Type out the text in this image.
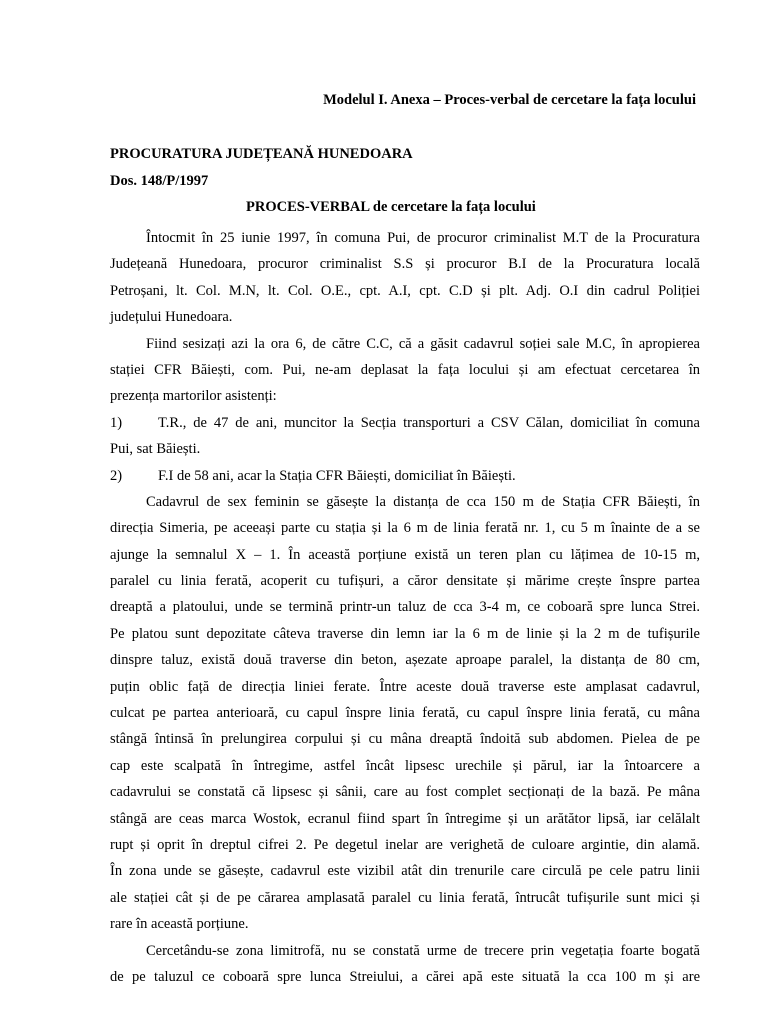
Modelul I. Anexa – Proces-verbal de cercetare la fața locului
PROCURATURA JUDEȚEANĂ HUNEDOARA
Dos. 148/P/1997
PROCES-VERBAL de cercetare la fața locului
Întocmit în 25 iunie 1997, în comuna Pui, de procuror criminalist M.T de la Procuratura
Județeană Hunedoara, procuror criminalist S.S și procuror B.I de la Procuratura locală
Petroșani, lt. Col. M.N, lt. Col. O.E., cpt. A.I, cpt. C.D și plt. Adj. O.I din cadrul Poliției
județului Hunedoara.
Fiind sesizați azi la ora 6, de către C.C, că a găsit cadavrul soției sale M.C, în apropierea
stației CFR Băiești, com. Pui, ne-am deplasat la fața locului și am efectuat cercetarea în
prezența martorilor asistenți:
1)	T.R., de 47 de ani, muncitor la Secția transporturi a CSV Călan, domiciliat în comuna
Pui, sat Băiești.
2)	F.I de 58 ani, acar la Stația CFR Băiești, domiciliat în Băiești.
Cadavrul de sex feminin se găsește la distanța de cca 150 m de Stația CFR Băiești, în
direcția Simeria, pe aceeași parte cu stația și la 6 m de linia ferată nr. 1, cu 5 m înainte de a se
ajunge la semnalul X – 1. În această porțiune există un teren plan cu lățimea de 10-15 m,
paralel cu linia ferată, acoperit cu tufișuri, a căror densitate și mărime crește înspre partea
dreaptă a platoului, unde se termină printr-un taluz de cca 3-4 m, ce coboară spre lunca Strei.
Pe platou sunt depozitate câteva traverse din lemn iar la 6 m de linie și la 2 m de tufișurile
dinspre taluz, există două traverse din beton, așezate aproape paralel, la distanța de 80 cm,
puțin oblic față de direcția liniei ferate. Între aceste două traverse este amplasat cadavrul,
culcat pe partea anterioară, cu capul înspre linia ferată, cu capul înspre linia ferată, cu mâna
stângă întinsă în prelungirea corpului și cu mâna dreaptă îndoită sub abdomen. Pielea de pe
cap este scalpată în întregime, astfel încât lipsesc urechile și părul, iar la întoarcere a
cadavrului se constată că lipsesc și sânii, care au fost complet secționați de la bază. Pe mâna
stângă are ceas marca Wostok, ecranul fiind spart în întregime și un arătător lipsă, iar celălalt
rupt și oprit în dreptul cifrei 2. Pe degetul inelar are verighetă de culoare argintie, din alamă.
În zona unde se găsește, cadavrul este vizibil atât din trenurile care circulă pe cele patru linii
ale stației cât și de pe cărarea amplasată paralel cu linia ferată, întrucât tufișurile sunt mici și
rare în această porțiune.
Cercetându-se zona limitrofă, nu se constată urme de trecere prin vegetația foarte bogată
de pe taluzul ce coboară spre lunca Streiului, a cărei apă este situată la cca 100 m și are
